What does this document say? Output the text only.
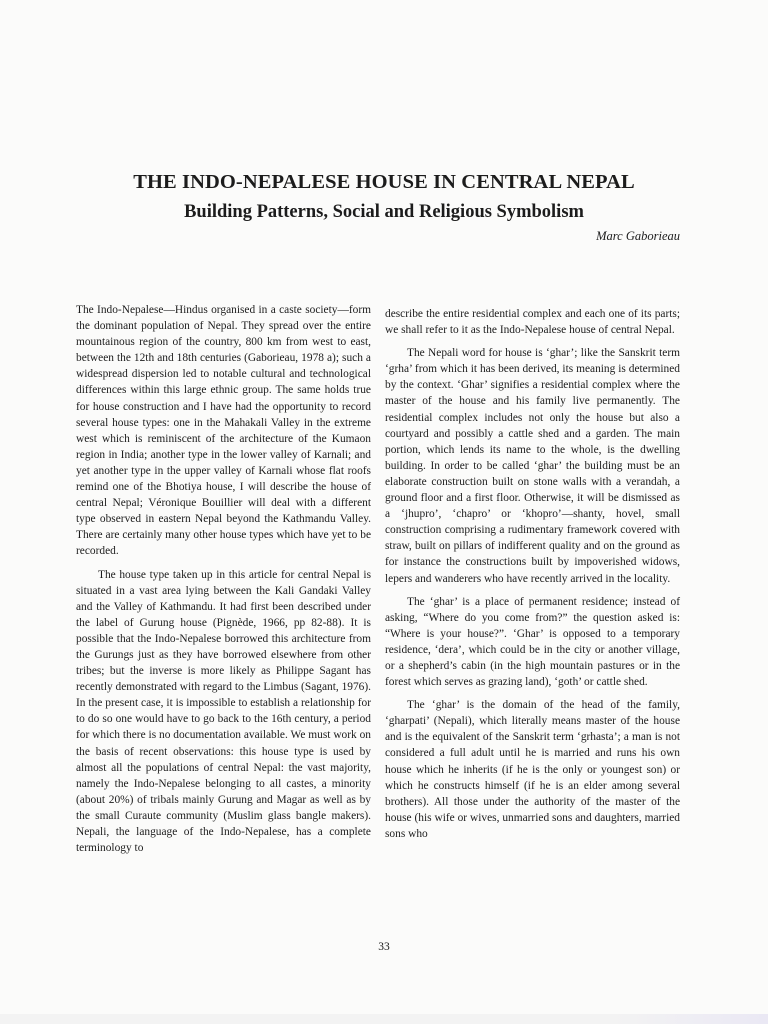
THE INDO-NEPALESE HOUSE IN CENTRAL NEPAL
Building Patterns, Social and Religious Symbolism

Marc Gaborieau

The Indo-Nepalese—Hindus organised in a caste society—form the dominant population of Nepal. They spread over the entire mountainous region of the country, 800 km from west to east, between the 12th and 18th centuries (Gaborieau, 1978 a); such a widespread dispersion led to notable cultural and technological differences within this large ethnic group. The same holds true for house construction and I have had the opportunity to record several house types: one in the Mahakali Valley in the extreme west which is reminiscent of the architecture of the Kumaon region in India; another type in the lower valley of Karnali; and yet another type in the upper valley of Karnali whose flat roofs remind one of the Bhotiya house, I will describe the house of central Nepal; Véronique Bouillier will deal with a different type observed in eastern Nepal beyond the Kathmandu Valley. There are certainly many other house types which have yet to be recorded.

The house type taken up in this article for central Nepal is situated in a vast area lying between the Kali Gandaki Valley and the Valley of Kathmandu. It had first been described under the label of Gurung house (Pignède, 1966, pp 82-88). It is possible that the Indo-Nepalese borrowed this architecture from the Gurungs just as they have borrowed elsewhere from other tribes; but the inverse is more likely as Philippe Sagant has recently demonstrated with regard to the Limbus (Sagant, 1976). In the present case, it is impossible to establish a relationship for to do so one would have to go back to the 16th century, a period for which there is no documentation available. We must work on the basis of recent observations: this house type is used by almost all the populations of central Nepal: the vast majority, namely the Indo-Nepalese belonging to all castes, a minority (about 20%) of tribals mainly Gurung and Magar as well as by the small Curaute community (Muslim glass bangle makers). Nepali, the language of the Indo-Nepalese, has a complete terminology to

describe the entire residential complex and each one of its parts; we shall refer to it as the Indo-Nepalese house of central Nepal.

The Nepali word for house is ‘ghar’; like the Sanskrit term ‘grha’ from which it has been derived, its meaning is determined by the context. ‘Ghar’ signifies a residential complex where the master of the house and his family live permanently. The residential complex includes not only the house but also a courtyard and possibly a cattle shed and a garden. The main portion, which lends its name to the whole, is the dwelling building. In order to be called ‘ghar’ the building must be an elaborate construction built on stone walls with a verandah, a ground floor and a first floor. Otherwise, it will be dismissed as a ‘jhupro’, ‘chapro’ or ‘khopro’—shanty, hovel, small construction comprising a rudimentary framework covered with straw, built on pillars of indifferent quality and on the ground as for instance the constructions built by impoverished widows, lepers and wanderers who have recently arrived in the locality.

The ‘ghar’ is a place of permanent residence; instead of asking, “Where do you come from?” the question asked is: “Where is your house?”. ‘Ghar’ is opposed to a temporary residence, ‘dera’, which could be in the city or another village, or a shepherd’s cabin (in the high mountain pastures or in the forest which serves as grazing land), ‘goth’ or cattle shed.

The ‘ghar’ is the domain of the head of the family, ‘gharpati’ (Nepali), which literally means master of the house and is the equivalent of the Sanskrit term ‘grhasta’; a man is not considered a full adult until he is married and runs his own house which he inherits (if he is the only or youngest son) or which he constructs himself (if he is an elder among several brothers). All those under the authority of the master of the house (his wife or wives, unmarried sons and daughters, married sons who

33
